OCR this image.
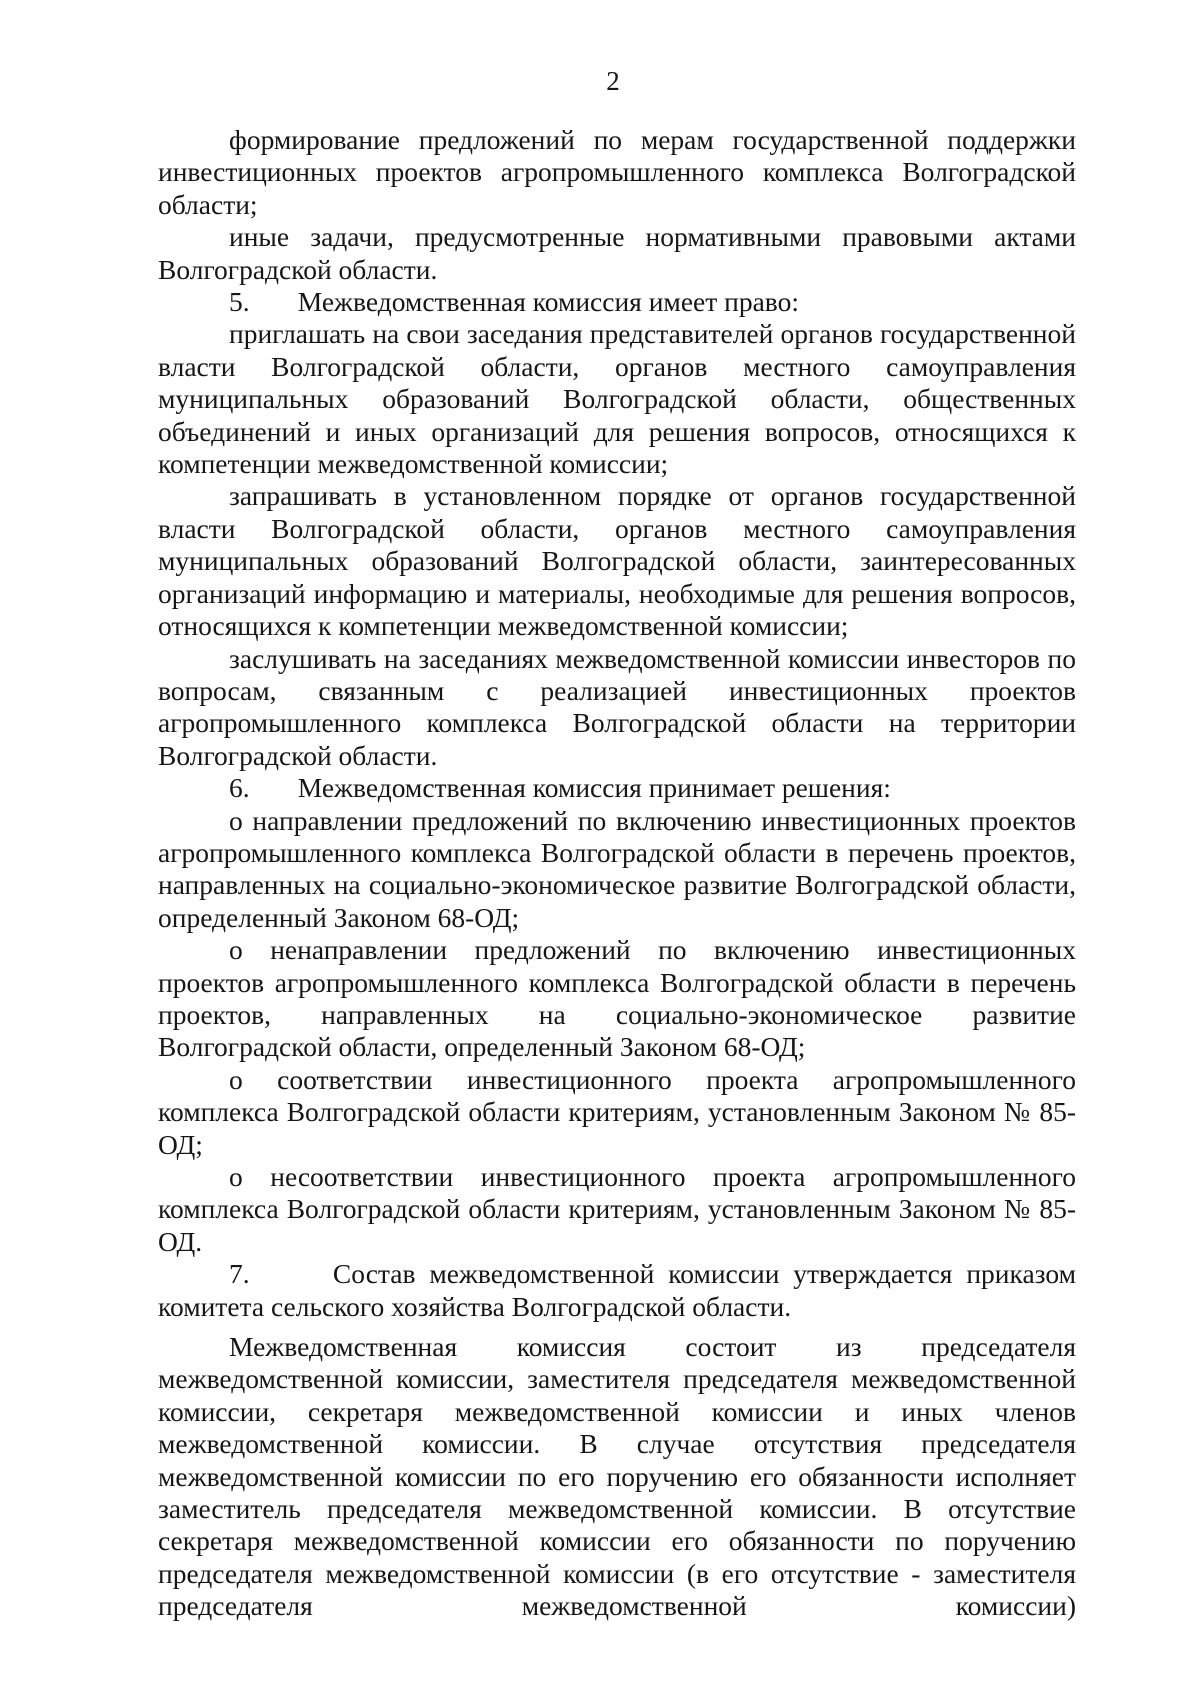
2

формирование предложений по мерам государственной поддержки инвестиционных проектов агропромышленного комплекса Волгоградской области;

иные задачи, предусмотренные нормативными правовыми актами Волгоградской области.

5.       Межведомственная комиссия имеет право:

приглашать на свои заседания представителей органов государственной власти Волгоградской области, органов местного самоуправления муниципальных образований Волгоградской области, общественных объединений и иных организаций для решения вопросов, относящихся к компетенции межведомственной комиссии;

запрашивать в установленном порядке от органов государственной власти Волгоградской области, органов местного самоуправления муниципальных образований Волгоградской области, заинтересованных организаций информацию и материалы, необходимые для решения вопросов, относящихся к компетенции межведомственной комиссии;

заслушивать на заседаниях межведомственной комиссии инвесторов по вопросам, связанным с реализацией инвестиционных проектов агропромышленного комплекса Волгоградской области на территории Волгоградской области.

6.       Межведомственная комиссия принимает решения:

о направлении предложений по включению инвестиционных проектов агропромышленного комплекса Волгоградской области в перечень проектов, направленных на социально-экономическое развитие Волгоградской области, определенный Законом 68-ОД;

о ненаправлении предложений по включению инвестиционных проектов агропромышленного комплекса Волгоградской области в перечень проектов, направленных на социально-экономическое развитие Волгоградской области, определенный Законом 68-ОД;

о соответствии инвестиционного проекта агропромышленного комплекса Волгоградской области критериям, установленным Законом № 85-ОД;

о несоответствии инвестиционного проекта агропромышленного комплекса Волгоградской области критериям, установленным Законом № 85-ОД.

7.      Состав межведомственной комиссии утверждается приказом комитета сельского хозяйства Волгоградской области.

Межведомственная комиссия состоит из председателя межведомственной комиссии, заместителя председателя межведомственной комиссии, секретаря межведомственной комиссии и иных членов межведомственной комиссии. В случае отсутствия председателя межведомственной комиссии по его поручению его обязанности исполняет заместитель председателя межведомственной комиссии. В отсутствие секретаря межведомственной комиссии его обязанности по поручению председателя межведомственной комиссии (в его отсутствие - заместителя председателя межведомственной комиссии)
